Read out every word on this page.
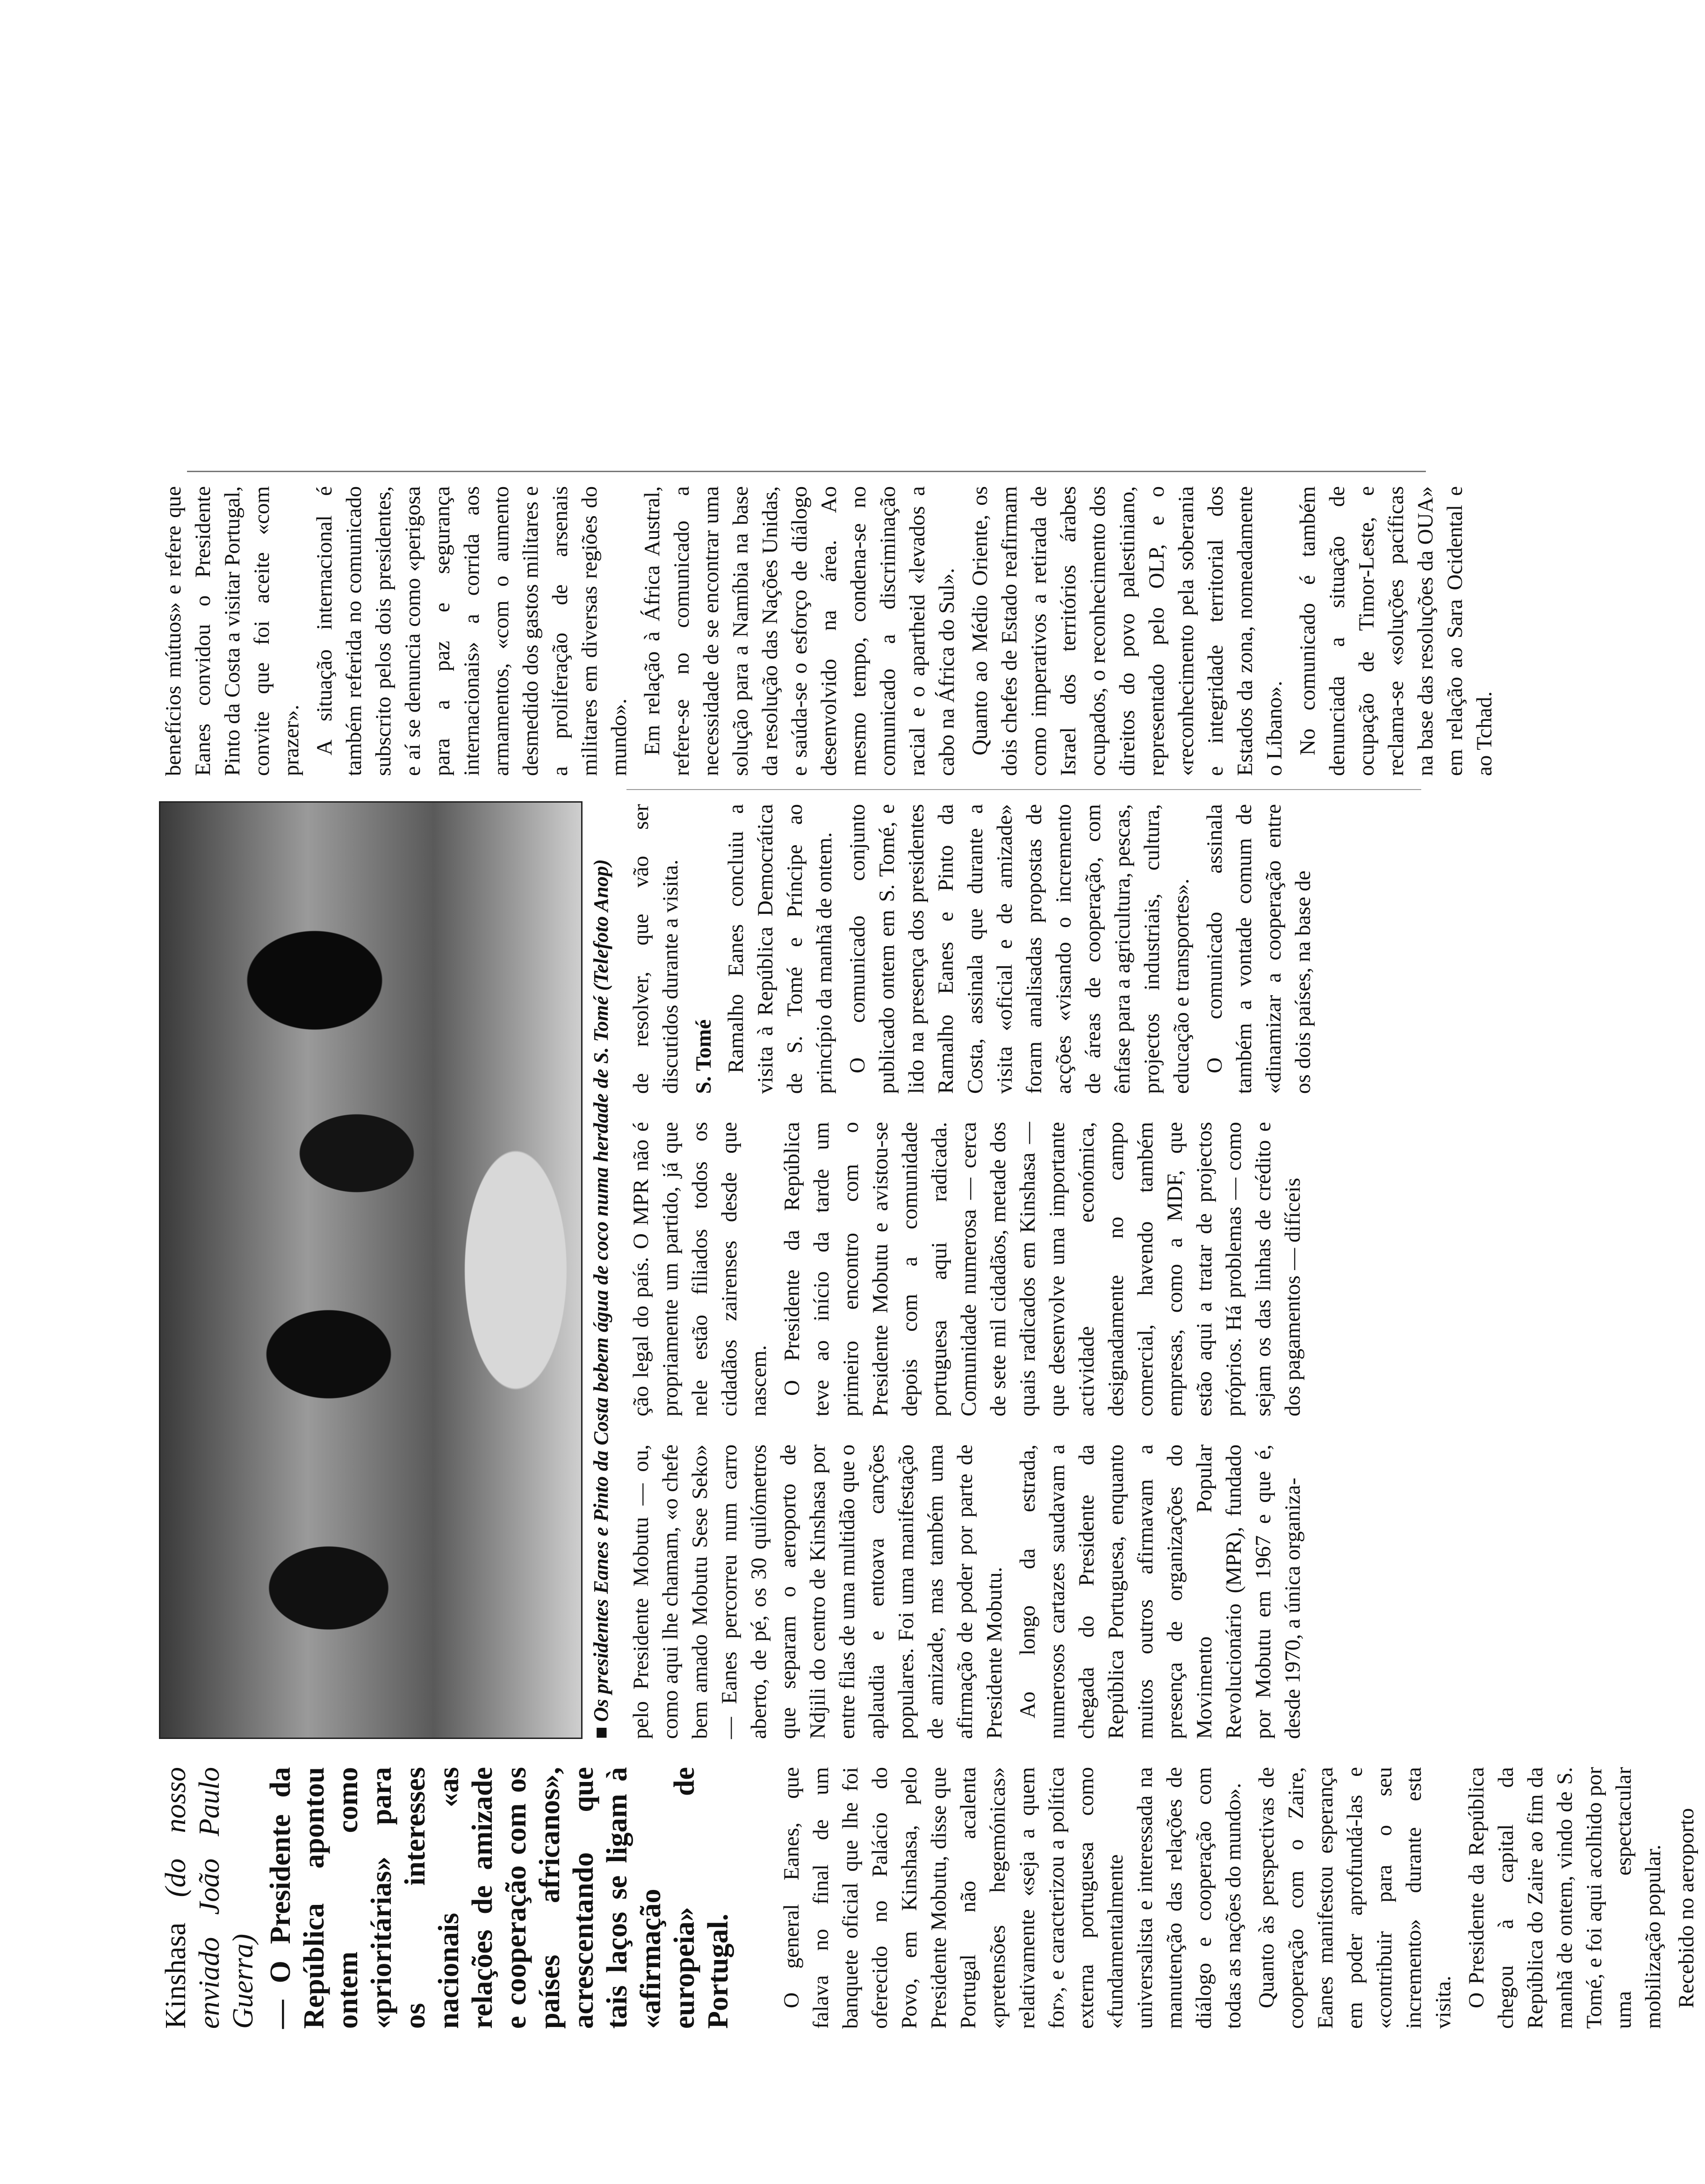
Kinshasa (do nosso enviado João Paulo Guerra) — O Presidente da República apontou ontem como «prioritárias» para os interesses nacionais «as relações de amizade e cooperação com os países africanos», acrescentando que tais laços se ligam à «afirmação europeia» de Portugal. O general Eanes, que falava no final de um banquete oficial que lhe foi oferecido no Palácio do Povo, em Kinshasa, pelo Presidente Mobutu, disse que Portugal não acalenta «pretensões hegemónicas» relativamente «seja a quem for», e caracterizou a política externa portuguesa como «fundamentalmente universalista e interessada na manutenção das relações de diálogo e cooperação com todas as nações do mundo». Quanto às perspectivas de cooperação com o Zaire, Eanes manifestou esperança em poder aprofundá-las e «contribuir para o seu incremento» durante esta visita. O Presidente da República chegou à capital da República do Zaire ao fim da manhã de ontem, vindo de S. Tomé, e foi aqui acolhido por uma espectacular mobilização popular. Recebido no aeroporto

■Os presidentes Eanes e Pinto da Costa bebem água de coco numa herdade de S. Tomé (Telefoto Anop) pelo Presidente Mobutu — ou, como aqui lhe chamam, «o chefe bem amado Mobutu Sese Seko» — Eanes percorreu num carro aberto, de pé, os 30 quilómetros que separam o aeroporto de Ndjili do centro de Kinshasa por entre filas de uma multidão que o aplaudia e entoava canções populares. Foi uma manifestação de amizade, mas também uma afirmação de poder por parte de Presidente Mobutu. Ao longo da estrada, numerosos cartazes saudavam a chegada do Presidente da República Portuguesa, enquanto muitos outros afirmavam a presença de organizações do Movimento Popular Revolucionário (MPR), fundado por Mobutu em 1967 e que é, desde 1970, a única organiza-

ção legal do país. O MPR não é propriamente um partido, já que nele estão filiados todos os cidadãos zairenses desde que nascem. O Presidente da República teve ao início da tarde um primeiro encontro com o Presidente Mobutu e avistou-se depois com a comunidade portuguesa aqui radicada. Comunidade numerosa — cerca de sete mil cidadãos, metade dos quais radicados em Kinshasa — que desenvolve uma importante actividade económica, designadamente no campo comercial, havendo também empresas, como a MDF, que estão aqui a tratar de projectos próprios. Há problemas — como sejam os das linhas de crédito e dos pagamentos — difíceis

de resolver, que vão ser discutidos durante a visita. S. Tomé Ramalho Eanes concluiu a visita à República Democrática de S. Tomé e Príncipe ao princípio da manhã de ontem. O comunicado conjunto publicado ontem em S. Tomé, e lido na presença dos presidentes Ramalho Eanes e Pinto da Costa, assinala que durante a visita «oficial e de amizade» foram analisadas propostas de acções «visando o incremento de áreas de cooperação, com ênfase para a agricultura, pescas, projectos industriais, cultura, educação e transportes». O comunicado assinala também a vontade comum de «dinamizar a cooperação entre os dois países, na base de

benefícios mútuos» e refere que Eanes convidou o Presidente Pinto da Costa a visitar Portugal, convite que foi aceite «com prazer». A situação internacional é também referida no comunicado subscrito pelos dois presidentes, e aí se denuncia como «perigosa para a paz e segurança internacionais» a corrida aos armamentos, «com o aumento desmedido dos gastos militares e a proliferação de arsenais militares em diversas regiões do mundo». Em relação à África Austral, refere-se no comunicado a necessidade de se encontrar uma solução para a Namíbia na base da resolução das Nações Unidas, e saúda-se o esforço de diálogo desenvolvido na área. Ao mesmo tempo, condena-se no comunicado a discriminação racial e o apartheid «levados a cabo na África do Sul». Quanto ao Médio Oriente, os dois chefes de Estado reafirmam como imperativos a retirada de Israel dos territórios árabes ocupados, o reconhecimento dos direitos do povo palestiniano, representado pelo OLP, e o «reconhecimento pela soberania e integridade territorial dos Estados da zona, nomeadamente o Líbano». No comunicado é também denunciada a situação de ocupação de Timor-Leste, e reclama-se «soluções pacíficas na base das resoluções da OUA» em relação ao Sara Ocidental e ao Tchad.
